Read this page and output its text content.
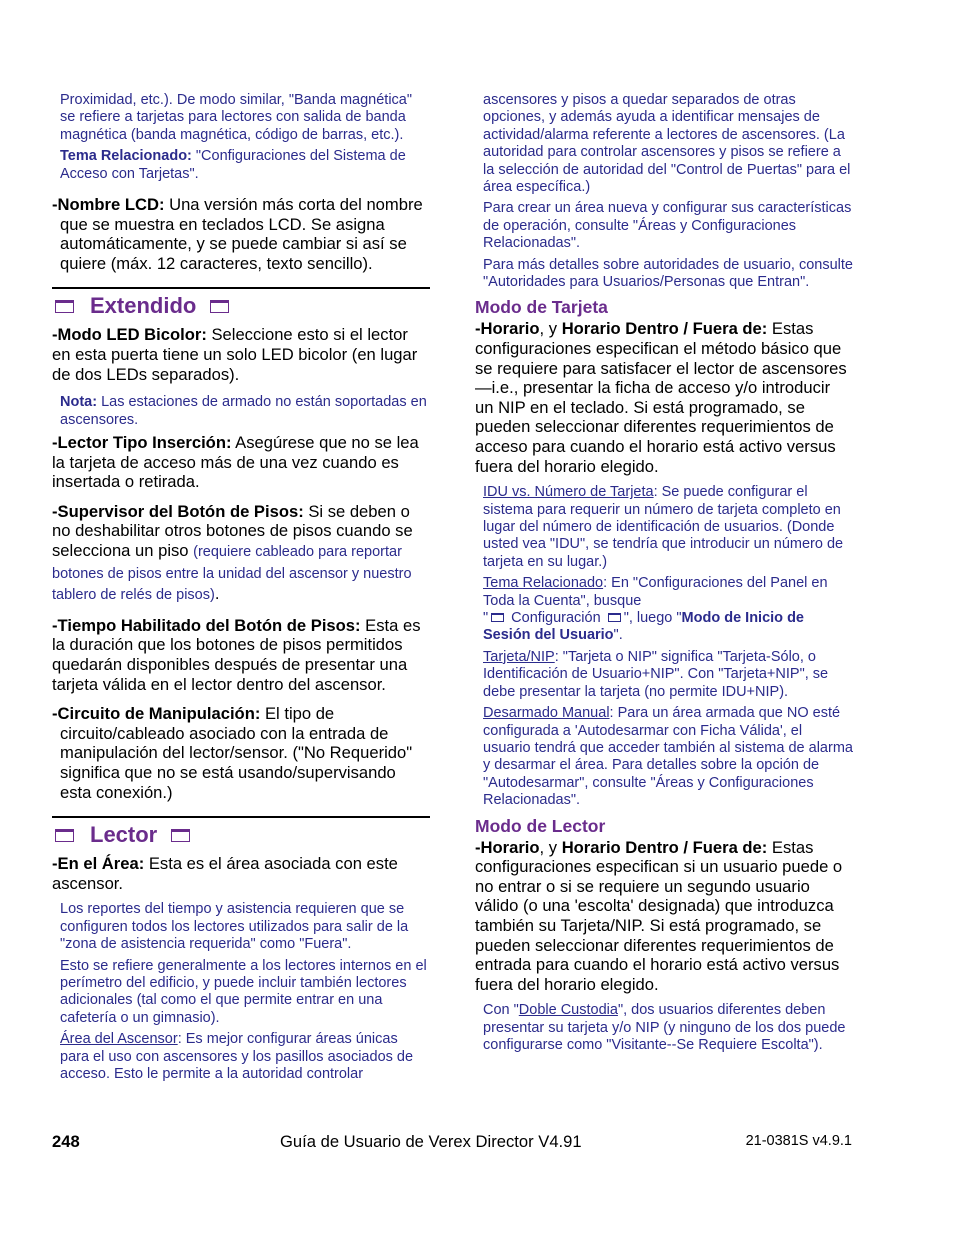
Proximidad, etc.). De modo similar, "Banda magnética" se refiere a tarjetas para lectores con salida de banda magnética (banda magnética, código de barras, etc.).

Tema Relacionado: "Configuraciones del Sistema de Acceso con Tarjetas".

-Nombre LCD: Una versión más corta del nombre que se muestra en teclados LCD. Se asigna automáticamente, y se puede cambiar si así se quiere (máx. 12 caracteres, texto sencillo).

Extendido

-Modo LED Bicolor: Seleccione esto si el lector en esta puerta tiene un solo LED bicolor (en lugar de dos LEDs separados).

Nota: Las estaciones de armado no están soportadas en ascensores.

-Lector Tipo Inserción: Asegúrese que no se lea la tarjeta de acceso más de una vez cuando es insertada o retirada.

-Supervisor del Botón de Pisos: Si se deben o no deshabilitar otros botones de pisos cuando se selecciona un piso (requiere cableado para reportar botones de pisos entre la unidad del ascensor y nuestro tablero de relés de pisos).

-Tiempo Habilitado del Botón de Pisos: Esta es la duración que los botones de pisos permitidos quedarán disponibles después de presentar una tarjeta válida en el lector dentro del ascensor.

-Circuito de Manipulación: El tipo de circuito/cableado asociado con la entrada de manipulación del lector/sensor. ("No Requerido" significa que no se está usando/supervisando esta conexión.)

Lector

-En el Área: Esta es el área asociada con este ascensor.

Los reportes del tiempo y asistencia requieren que se configuren todos los lectores utilizados para salir de la "zona de asistencia requerida" como "Fuera".

Esto se refiere generalmente a los lectores internos en el perímetro del edificio, y puede incluir también lectores adicionales (tal como el que permite entrar en una cafetería o un gimnasio).

Área del Ascensor: Es mejor configurar áreas únicas para el uso con ascensores y los pasillos asociados de acceso. Esto le permite a la autoridad controlar

ascensores y pisos a quedar separados de otras opciones, y además ayuda a identificar mensajes de actividad/alarma referente a lectores de ascensores. (La autoridad para controlar ascensores y pisos se refiere a la selección de autoridad del "Control de Puertas" para el área específica.)

Para crear un área nueva y configurar sus características de operación, consulte "Áreas y Configuraciones Relacionadas".

Para más detalles sobre autoridades de usuario, consulte "Autoridades para Usuarios/Personas que Entran".

Modo de Tarjeta

-Horario, y Horario Dentro / Fuera de: Estas configuraciones especifican el método básico que se requiere para satisfacer el lector de ascensores—i.e., presentar la ficha de acceso y/o introducir un NIP en el teclado. Si está programado, se pueden seleccionar diferentes requerimientos de acceso para cuando el horario está activo versus fuera del horario elegido.

IDU vs. Número de Tarjeta: Se puede configurar el sistema para requerir un número de tarjeta completo en lugar del número de identificación de usuarios. (Donde usted vea "IDU", se tendría que introducir un número de tarjeta en su lugar.)

Tema Relacionado: En "Configuraciones del Panel en Toda la Cuenta", busque
" Configuración ", luego "Modo de Inicio de Sesión del Usuario".

Tarjeta/NIP: "Tarjeta o NIP" significa "Tarjeta-Sólo, o Identificación de Usuario+NIP". Con "Tarjeta+NIP", se debe presentar la tarjeta (no permite IDU+NIP).

Desarmado Manual: Para un área armada que NO esté configurada a 'Autodesarmar con Ficha Válida', el usuario tendrá que acceder también al sistema de alarma y desarmar el área. Para detalles sobre la opción de "Autodesarmar", consulte "Áreas y Configuraciones Relacionadas".

Modo de Lector

-Horario, y Horario Dentro / Fuera de: Estas configuraciones especifican si un usuario puede o no entrar o si se requiere un segundo usuario válido (o una 'escolta' designada) que introduzca también su Tarjeta/NIP. Si está programado, se pueden seleccionar diferentes requerimientos de entrada para cuando el horario está activo versus fuera del horario elegido.

Con "Doble Custodia", dos usuarios diferentes deben presentar su tarjeta y/o NIP (y ninguno de los dos puede configurarse como "Visitante--Se Requiere Escolta").

248	Guía de Usuario de Verex Director V4.91	21-0381S v4.9.1
